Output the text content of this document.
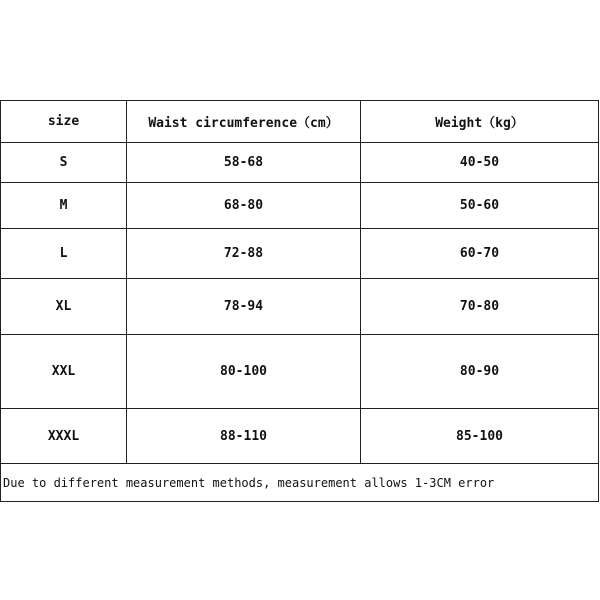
size	Waist circumference（cm）	Weight（kg）
S	58-68	40-50
M	68-80	50-60
L	72-88	60-70
XL	78-94	70-80
XXL	80-100	80-90
XXXL	88-110	85-100
Due to different measurement methods, measurement allows 1-3CM error		
